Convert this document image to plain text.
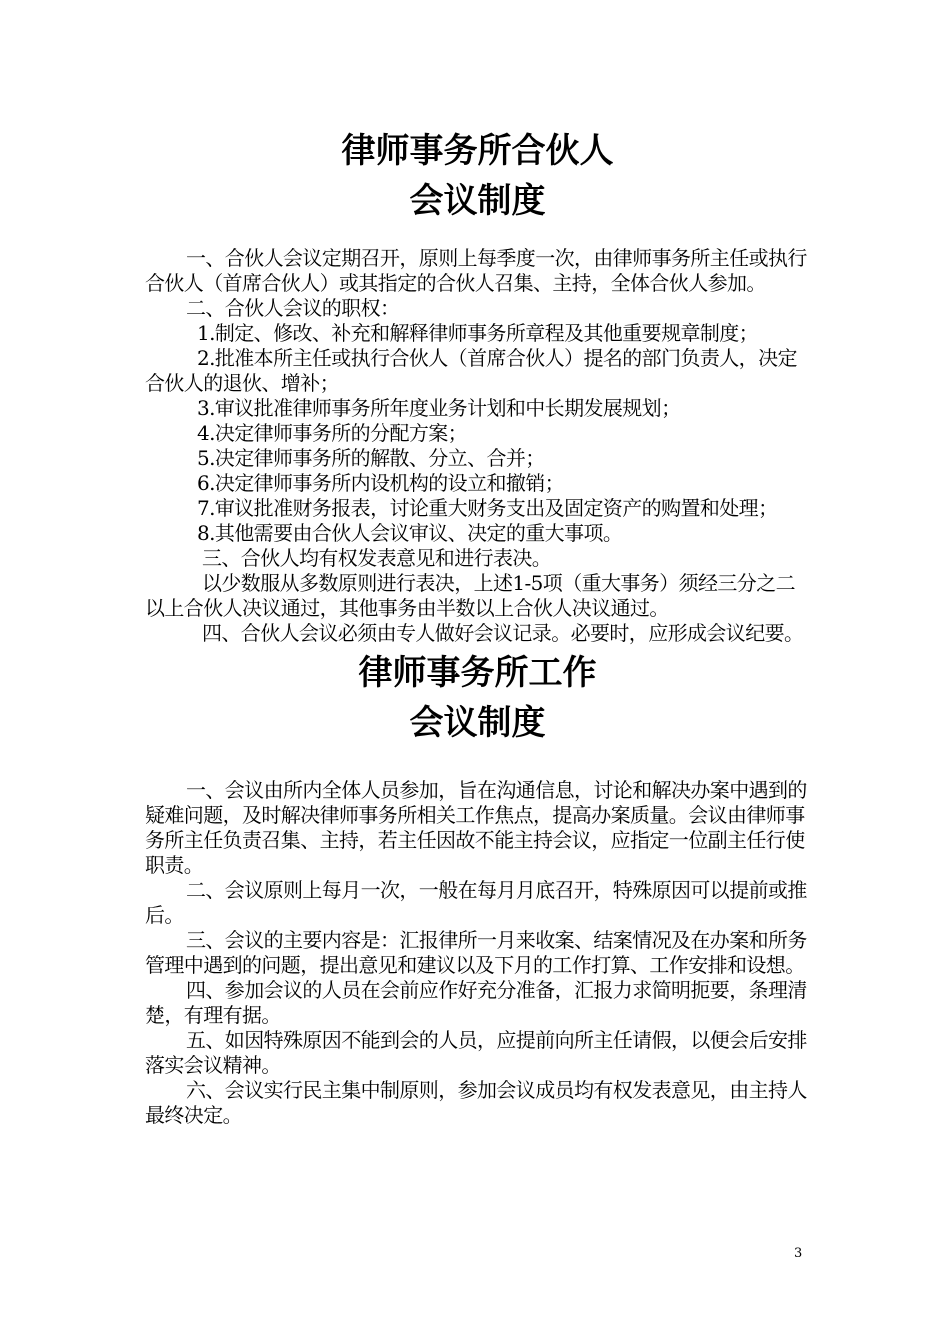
律师事务所合伙人
会议制度

一、合伙人会议定期召开，原则上每季度一次，由律师事务所主任或执行合伙人（首席合伙人）或其指定的合伙人召集、主持，全体合伙人参加。

二、合伙人会议的职权：

1.制定、修改、补充和解释律师事务所章程及其他重要规章制度；

2.批准本所主任或执行合伙人（首席合伙人）提名的部门负责人，决定合伙人的退伙、增补；

3.审议批准律师事务所年度业务计划和中长期发展规划；

4.决定律师事务所的分配方案；

5.决定律师事务所的解散、分立、合并；

6.决定律师事务所内设机构的设立和撤销；

7.审议批准财务报表，讨论重大财务支出及固定资产的购置和处理；

8.其他需要由合伙人会议审议、决定的重大事项。

三、合伙人均有权发表意见和进行表决。

以少数服从多数原则进行表决，上述1-5项（重大事务）须经三分之二以上合伙人决议通过，其他事务由半数以上合伙人决议通过。

四、合伙人会议必须由专人做好会议记录。必要时，应形成会议纪要。

律师事务所工作
会议制度

一、会议由所内全体人员参加，旨在沟通信息，讨论和解决办案中遇到的疑难问题，及时解决律师事务所相关工作焦点，提高办案质量。会议由律师事务所主任负责召集、主持，若主任因故不能主持会议，应指定一位副主任行使职责。

二、会议原则上每月一次，一般在每月月底召开，特殊原因可以提前或推后。

三、会议的主要内容是：汇报律所一月来收案、结案情况及在办案和所务管理中遇到的问题，提出意见和建议以及下月的工作打算、工作安排和设想。

四、参加会议的人员在会前应作好充分准备，汇报力求简明扼要，条理清楚，有理有据。

五、如因特殊原因不能到会的人员，应提前向所主任请假，以便会后安排落实会议精神。

六、会议实行民主集中制原则，参加会议成员均有权发表意见，由主持人最终决定。

3
